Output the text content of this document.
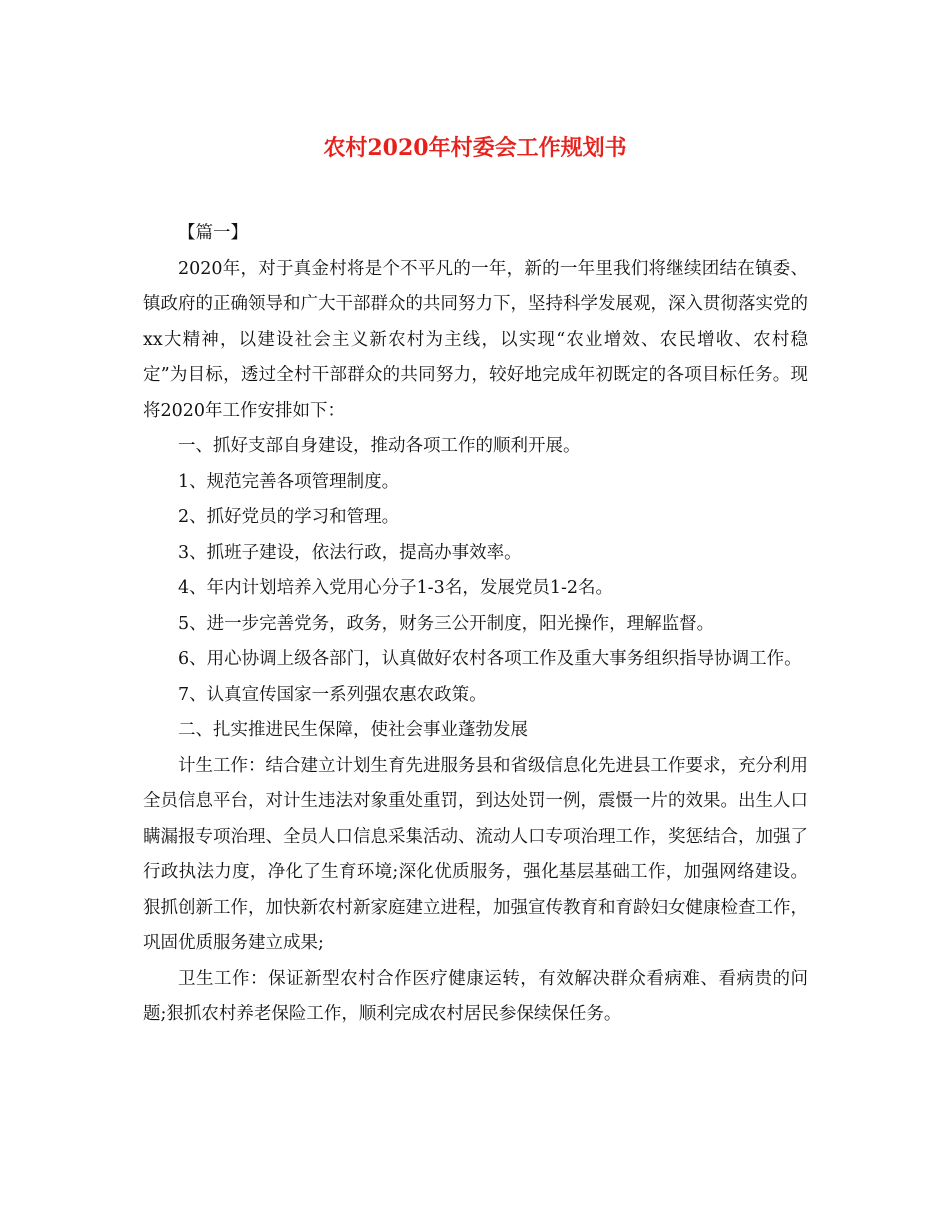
农村2020年村委会工作规划书

【篇一】

2020年，对于真金村将是个不平凡的一年，新的一年里我们将继续团结在镇委、镇政府的正确领导和广大干部群众的共同努力下，坚持科学发展观，深入贯彻落实党的xx大精神，以建设社会主义新农村为主线，以实现“农业增效、农民增收、农村稳定”为目标，透过全村干部群众的共同努力，较好地完成年初既定的各项目标任务。现将2020年工作安排如下：

一、抓好支部自身建设，推动各项工作的顺利开展。

1、规范完善各项管理制度。

2、抓好党员的学习和管理。

3、抓班子建设，依法行政，提高办事效率。

4、年内计划培养入党用心分子1-3名，发展党员1-2名。

5、进一步完善党务，政务，财务三公开制度，阳光操作，理解监督。

6、用心协调上级各部门，认真做好农村各项工作及重大事务组织指导协调工作。

7、认真宣传国家一系列强农惠农政策。

二、扎实推进民生保障，使社会事业蓬勃发展

计生工作：结合建立计划生育先进服务县和省级信息化先进县工作要求，充分利用全员信息平台，对计生违法对象重处重罚，到达处罚一例，震慑一片的效果。出生人口瞒漏报专项治理、全员人口信息采集活动、流动人口专项治理工作，奖惩结合，加强了行政执法力度，净化了生育环境;深化优质服务，强化基层基础工作，加强网络建设。狠抓创新工作，加快新农村新家庭建立进程，加强宣传教育和育龄妇女健康检查工作，巩固优质服务建立成果;

卫生工作：保证新型农村合作医疗健康运转，有效解决群众看病难、看病贵的问题;狠抓农村养老保险工作，顺利完成农村居民参保续保任务。
